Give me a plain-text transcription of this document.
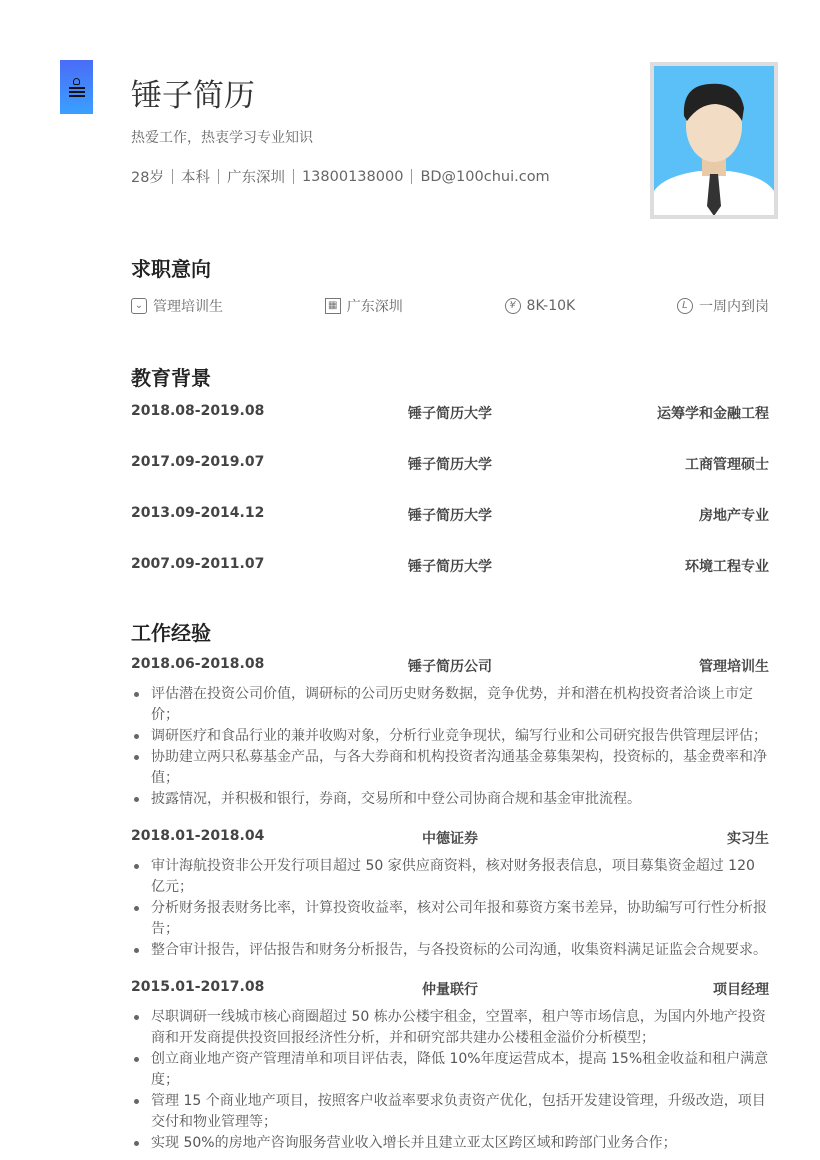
锤子简历
热爱工作，热衷学习专业知识
28岁 本科 广东深圳 13800138000 BD@100chui.com
求职意向
⌄ 管理培训生	▦ 广东深圳	¥ 8K-10K	L 一周内到岗
教育背景
2018.08-2019.08	锤子简历大学	运筹学和金融工程
2017.09-2019.07	锤子简历大学	工商管理硕士
2013.09-2014.12	锤子简历大学	房地产专业
2007.09-2011.07	锤子简历大学	环境工程专业
工作经验
2018.06-2018.08	锤子简历公司	管理培训生
评估潜在投资公司价值，调研标的公司历史财务数据，竞争优势，并和潜在机构投资者洽谈上市定价；
调研医疗和食品行业的兼并收购对象，分析行业竞争现状，编写行业和公司研究报告供管理层评估；
协助建立两只私募基金产品，与各大券商和机构投资者沟通基金募集架构，投资标的，基金费率和净值；
披露情况，并积极和银行，券商，交易所和中登公司协商合规和基金审批流程。
2018.01-2018.04	中德证券	实习生
审计海航投资非公开发行项目超过 50 家供应商资料，核对财务报表信息，项目募集资金超过 120 亿元；
分析财务报表财务比率，计算投资收益率，核对公司年报和募资方案书差异，协助编写可行性分析报告；
整合审计报告，评估报告和财务分析报告，与各投资标的公司沟通，收集资料满足证监会合规要求。
2015.01-2017.08	仲量联行	项目经理
尽职调研一线城市核心商圈超过 50 栋办公楼宇租金，空置率，租户等市场信息，为国内外地产投资商和开发商提供投资回报经济性分析，并和研究部共建办公楼租金溢价分析模型；
创立商业地产资产管理清单和项目评估表，降低 10%年度运营成本，提高 15%租金收益和租户满意度；
管理 15 个商业地产项目，按照客户收益率要求负责资产优化，包括开发建设管理，升级改造，项目交付和物业管理等；
实现 50%的房地产咨询服务营业收入增长并且建立亚太区跨区域和跨部门业务合作；
